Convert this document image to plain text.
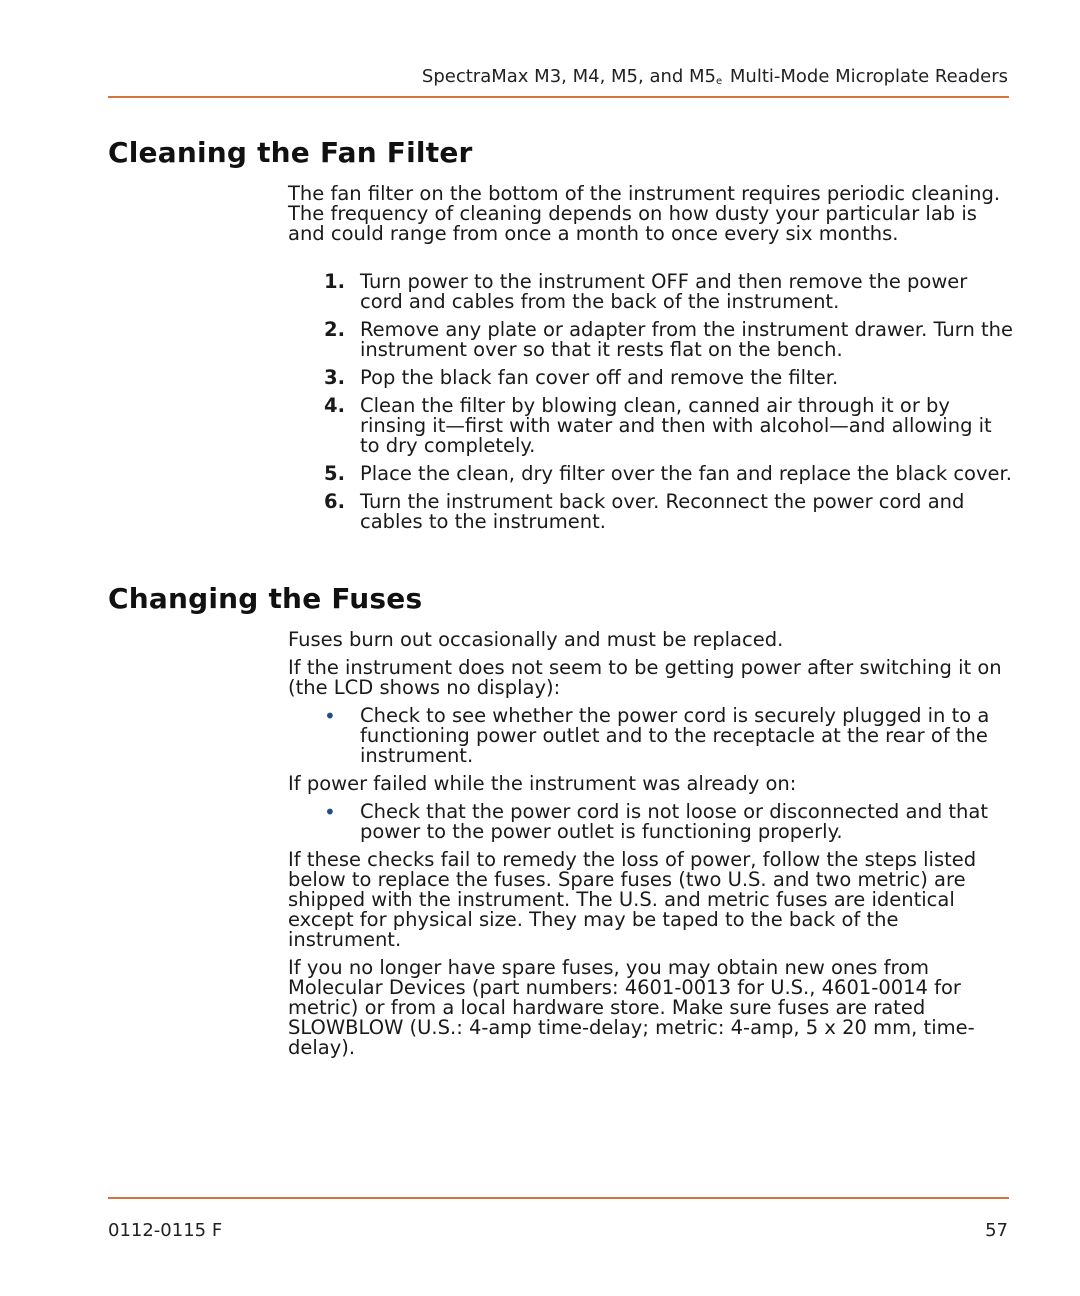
SpectraMax M3, M4, M5, and M5e Multi-Mode Microplate Readers
Cleaning the Fan Filter

The fan filter on the bottom of the instrument requires periodic cleaning. The frequency of cleaning depends on how dusty your particular lab is and could range from once a month to once every six months.

1. Turn power to the instrument OFF and then remove the power cord and cables from the back of the instrument.
2. Remove any plate or adapter from the instrument drawer. Turn the instrument over so that it rests flat on the bench.
3. Pop the black fan cover off and remove the filter.
4. Clean the filter by blowing clean, canned air through it or by rinsing it—first with water and then with alcohol—and allowing it to dry completely.
5. Place the clean, dry filter over the fan and replace the black cover.
6. Turn the instrument back over. Reconnect the power cord and cables to the instrument.
Changing the Fuses

Fuses burn out occasionally and must be replaced.

If the instrument does not seem to be getting power after switching it on (the LCD shows no display):

• Check to see whether the power cord is securely plugged in to a functioning power outlet and to the receptacle at the rear of the instrument.

If power failed while the instrument was already on:

• Check that the power cord is not loose or disconnected and that power to the power outlet is functioning properly.

If these checks fail to remedy the loss of power, follow the steps listed below to replace the fuses. Spare fuses (two U.S. and two metric) are shipped with the instrument. The U.S. and metric fuses are identical except for physical size. They may be taped to the back of the instrument.

If you no longer have spare fuses, you may obtain new ones from Molecular Devices (part numbers: 4601-0013 for U.S., 4601-0014 for metric) or from a local hardware store. Make sure fuses are rated SLOWBLOW (U.S.: 4-amp time-delay; metric: 4-amp, 5 x 20 mm, time-delay).

0112-0115 F	57
